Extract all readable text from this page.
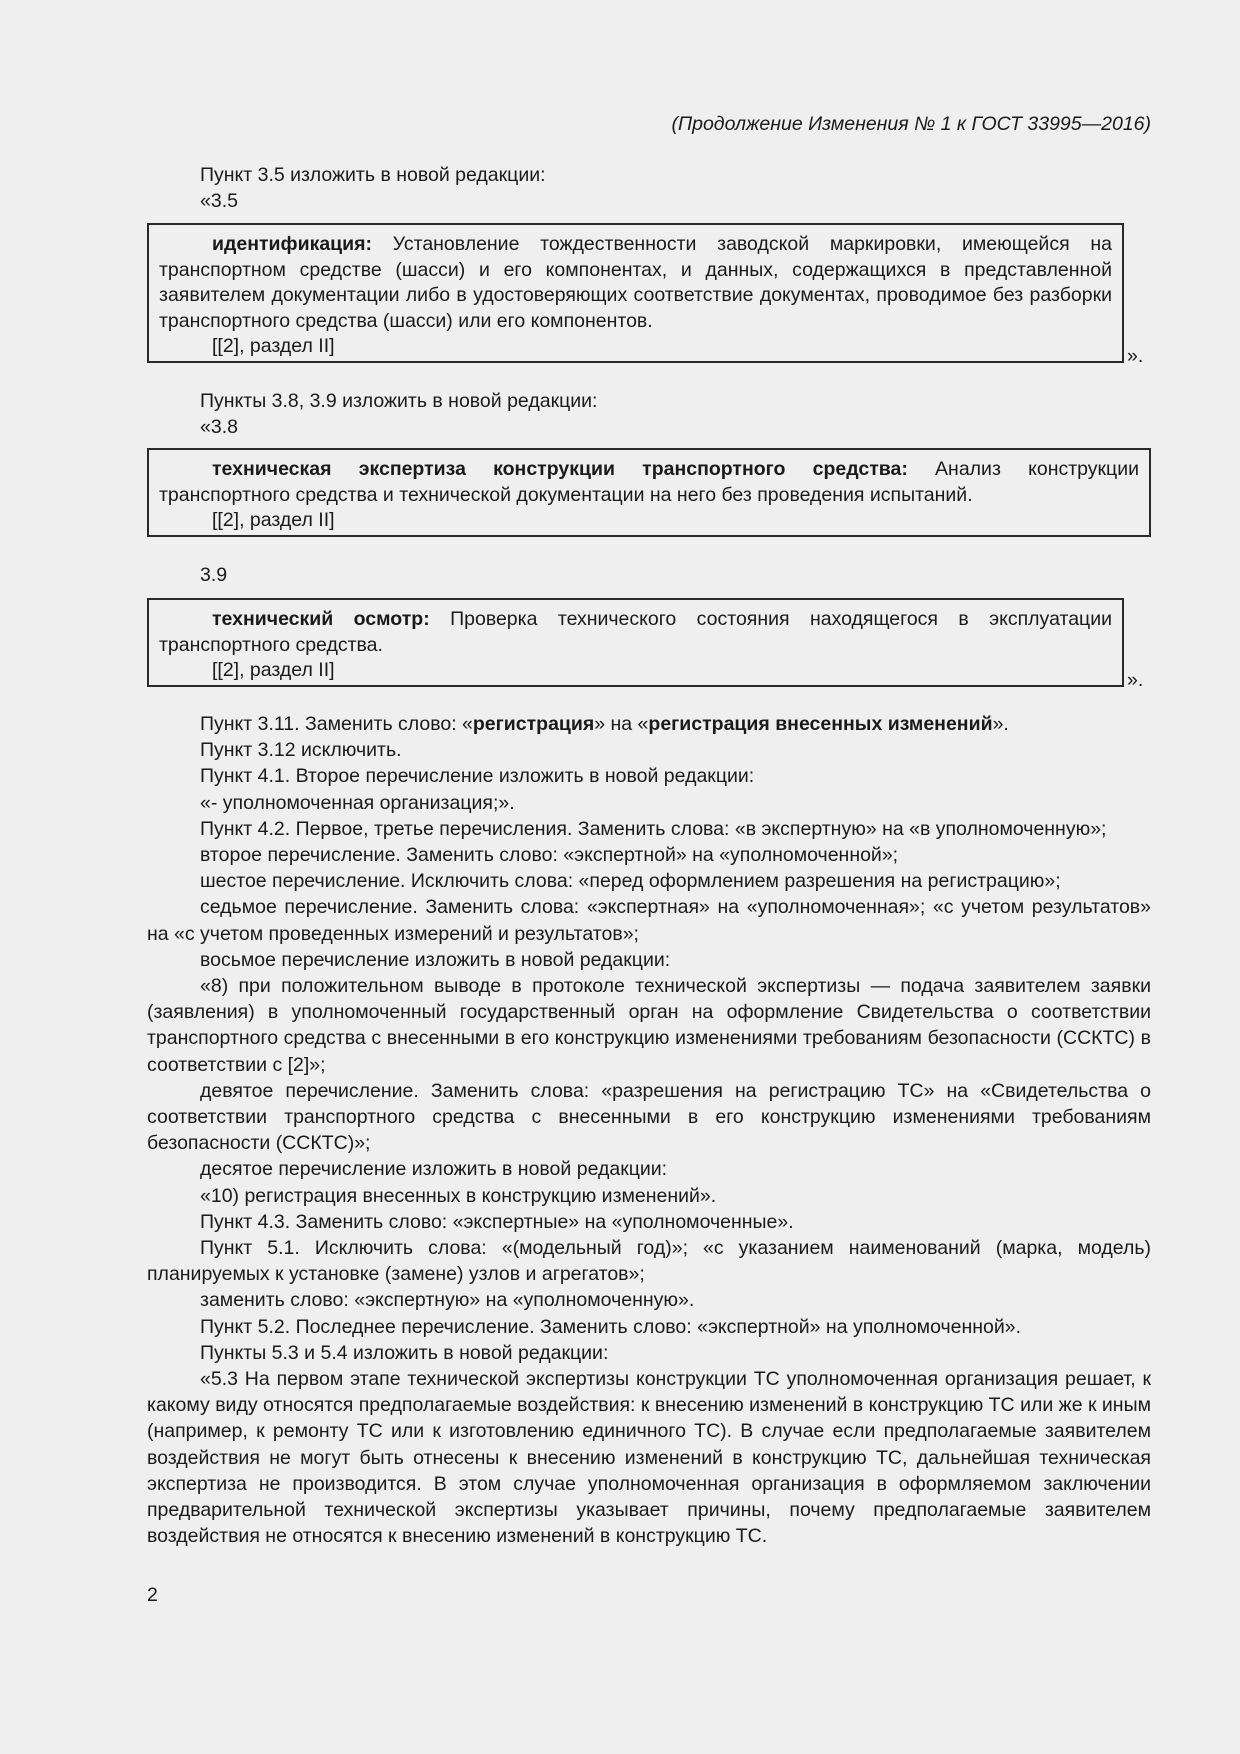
(Продолжение Изменения № 1 к ГОСТ 33995—2016)

Пункт 3.5 изложить в новой редакции:

«3.5

идентификация: Установление тождественности заводской маркировки, имеющейся на транспортном средстве (шасси) и его компонентах, и данных, содержащихся в представленной заявителем документации либо в удостоверяющих соответствие документах, проводимое без разборки транспортного средства (шасси) или его компонентов.

[[2], раздел II]	».

Пункты 3.8, 3.9 изложить в новой редакции:

«3.8

техническая экспертиза конструкции транспортного средства: Анализ конструкции транспортного средства и технической документации на него без проведения испытаний.

[[2], раздел II]

3.9

технический осмотр: Проверка технического состояния находящегося в эксплуатации транспортного средства.

[[2], раздел II]	».

Пункт 3.11. Заменить слово: «регистрация» на «регистрация внесенных изменений».

Пункт 3.12 исключить.

Пункт 4.1. Второе перечисление изложить в новой редакции:

«- уполномоченная организация;».

Пункт 4.2. Первое, третье перечисления. Заменить слова: «в экспертную» на «в уполномоченную»;

второе перечисление. Заменить слово: «экспертной» на «уполномоченной»;

шестое перечисление. Исключить слова: «перед оформлением разрешения на регистрацию»;

седьмое перечисление. Заменить слова: «экспертная» на «уполномоченная»; «с учетом результатов» на «с учетом проведенных измерений и результатов»;

восьмое перечисление изложить в новой редакции:

«8) при положительном выводе в протоколе технической экспертизы — подача заявителем заявки (заявления) в уполномоченный государственный орган на оформление Свидетельства о соответствии транспортного средства с внесенными в его конструкцию изменениями требованиям безопасности (ССКТС) в соответствии с [2]»;

девятое перечисление. Заменить слова: «разрешения на регистрацию ТС» на «Свидетельства о соответствии транспортного средства с внесенными в его конструкцию изменениями требованиям безопасности (ССКТС)»;

десятое перечисление изложить в новой редакции:

«10) регистрация внесенных в конструкцию изменений».

Пункт 4.3. Заменить слово: «экспертные» на «уполномоченные».

Пункт 5.1. Исключить слова: «(модельный год)»; «с указанием наименований (марка, модель) планируемых к установке (замене) узлов и агрегатов»;

заменить слово: «экспертную» на «уполномоченную».

Пункт 5.2. Последнее перечисление. Заменить слово: «экспертной» на уполномоченной».

Пункты 5.3 и 5.4 изложить в новой редакции:

«5.3 На первом этапе технической экспертизы конструкции ТС уполномоченная организация решает, к какому виду относятся предполагаемые воздействия: к внесению изменений в конструкцию ТС или же к иным (например, к ремонту ТС или к изготовлению единичного ТС). В случае если предполагаемые заявителем воздействия не могут быть отнесены к внесению изменений в конструкцию ТС, дальнейшая техническая экспертиза не производится. В этом случае уполномоченная организация в оформляемом заключении предварительной технической экспертизы указывает причины, почему предполагаемые заявителем воздействия не относятся к внесению изменений в конструкцию ТС.

2
